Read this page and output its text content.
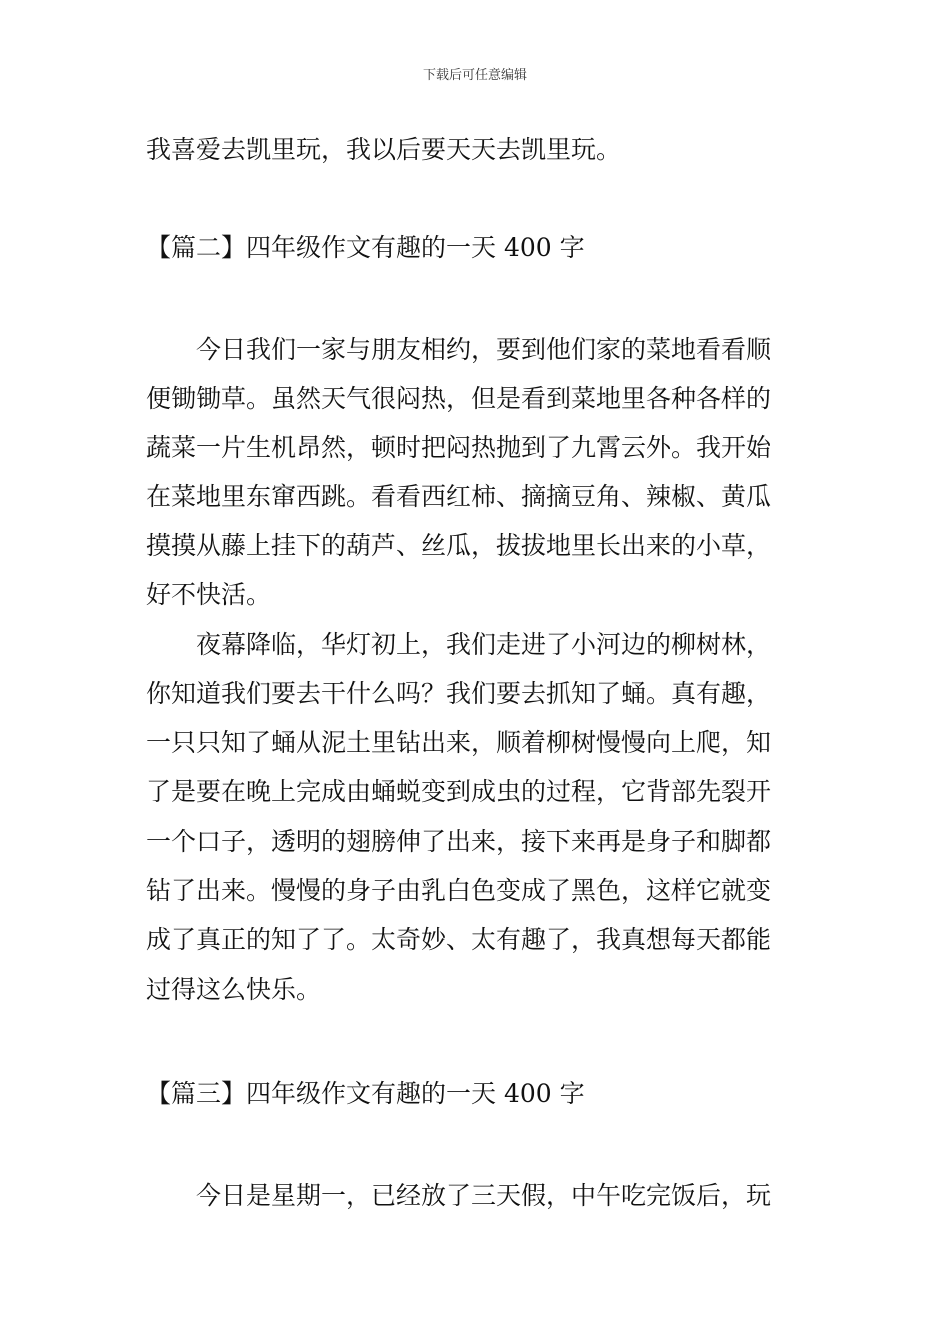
下载后可任意编辑
我喜爱去凯里玩，我以后要天天去凯里玩。
【篇二】四年级作文有趣的一天 400 字
今日我们一家与朋友相约，要到他们家的菜地看看顺
便锄锄草。虽然天气很闷热，但是看到菜地里各种各样的
蔬菜一片生机昂然，顿时把闷热抛到了九霄云外。我开始
在菜地里东窜西跳。看看西红柿、摘摘豆角、辣椒、黄瓜
摸摸从藤上挂下的葫芦、丝瓜，拔拔地里长出来的小草，
好不快活。
夜幕降临，华灯初上，我们走进了小河边的柳树林，
你知道我们要去干什么吗？我们要去抓知了蛹。真有趣，
一只只知了蛹从泥土里钻出来，顺着柳树慢慢向上爬，知
了是要在晚上完成由蛹蜕变到成虫的过程，它背部先裂开
一个口子，透明的翅膀伸了出来，接下来再是身子和脚都
钻了出来。慢慢的身子由乳白色变成了黑色，这样它就变
成了真正的知了了。太奇妙、太有趣了，我真想每天都能
过得这么快乐。
【篇三】四年级作文有趣的一天 400 字
今日是星期一，已经放了三天假，中午吃完饭后，玩
